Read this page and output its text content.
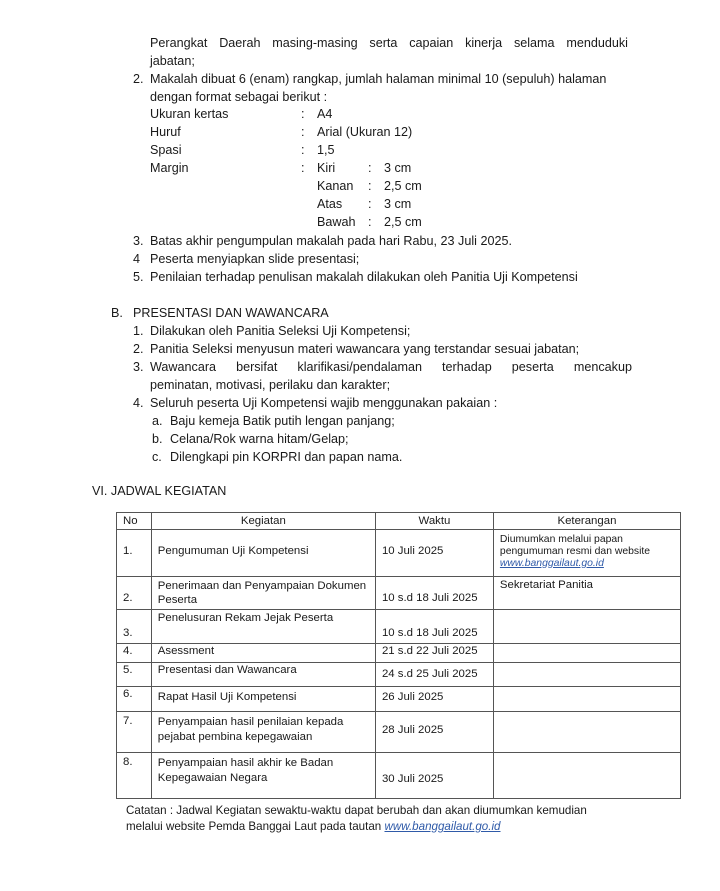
Perangkat Daerah masing-masing serta capaian kinerja selama menduduki
jabatan;
2. Makalah dibuat 6 (enam) rangkap, jumlah halaman minimal 10 (sepuluh) halaman
dengan format sebagai berikut :
Ukuran kertas	: A4
Huruf	: Arial (Ukuran 12)
Spasi	: 1,5
Margin	: Kiri	: 3 cm
Kanan : 2,5 cm
Atas : 3 cm
Bawah : 2,5 cm
3. Batas akhir pengumpulan makalah pada hari Rabu, 23 Juli 2025.
4 Peserta menyiapkan slide presentasi;
5. Penilaian terhadap penulisan makalah dilakukan oleh Panitia Uji Kompetensi
B. PRESENTASI DAN WAWANCARA
1. Dilakukan oleh Panitia Seleksi Uji Kompetensi;
2. Panitia Seleksi menyusun materi wawancara yang terstandar sesuai jabatan;
3. Wawancara bersifat klarifikasi/pendalaman terhadap peserta mencakup
peminatan, motivasi, perilaku dan karakter;
4. Seluruh peserta Uji Kompetensi wajib menggunakan pakaian :
a. Baju kemeja Batik putih lengan panjang;
b. Celana/Rok warna hitam/Gelap;
c. Dilengkapi pin KORPRI dan papan nama.
VI. JADWAL KEGIATAN
No	Kegiatan	Waktu	Keterangan
1.	Pengumuman Uji Kompetensi	10 Juli 2025	Diumumkan melalui papan
pengumuman resmi dan website
www.banggailaut.go.id

2.	Penerimaan dan Penyampaian Dokumen
Peserta	10 s.d 18 Juli 2025	Sekretariat Panitia

3.	Penelusuran Rekam Jejak Peserta	10 s.d 18 Juli 2025	
4.	Asessment	21 s.d 22 Juli 2025	
5.	Presentasi dan Wawancara	24 s.d 25 Juli 2025	
6.	Rapat Hasil Uji Kompetensi	26 Juli 2025	
7.	Penyampaian hasil penilaian kepada
pejabat pembina kepegawaian	28 Juli 2025	
8.	Penyampaian hasil akhir ke Badan
Kepegawaian Negara	30 Juli 2025	
Catatan : Jadwal Kegiatan sewaktu-waktu dapat berubah dan akan diumumkan kemudian
melalui website Pemda Banggai Laut pada tautan www.banggailaut.go.id
